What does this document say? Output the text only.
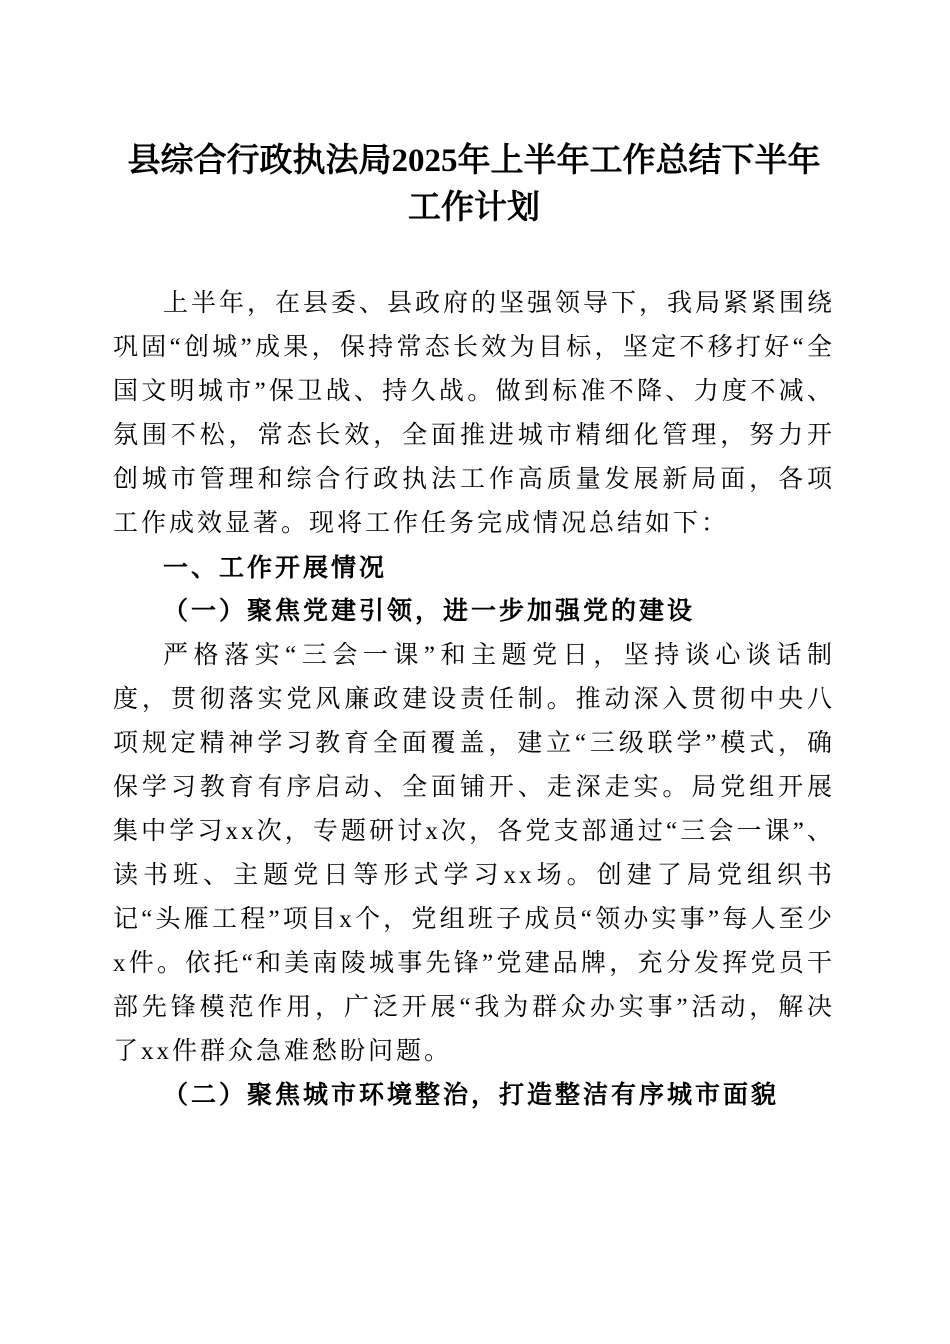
县综合行政执法局2025年上半年工作总结下半年工作计划

上半年，在县委、县政府的坚强领导下，我局紧紧围绕巩固“创城”成果，保持常态长效为目标，坚定不移打好“全国文明城市”保卫战、持久战。做到标准不降、力度不减、氛围不松，常态长效，全面推进城市精细化管理，努力开创城市管理和综合行政执法工作高质量发展新局面，各项工作成效显著。现将工作任务完成情况总结如下：

一、工作开展情况
（一）聚焦党建引领，进一步加强党的建设

严格落实“三会一课”和主题党日，坚持谈心谈话制度，贯彻落实党风廉政建设责任制。推动深入贯彻中央八项规定精神学习教育全面覆盖，建立“三级联学”模式，确保学习教育有序启动、全面铺开、走深走实。局党组开展集中学习xx次，专题研讨x次，各党支部通过“三会一课”、读书班、主题党日等形式学习xx场。创建了局党组织书记“头雁工程”项目x个，党组班子成员“领办实事”每人至少x件。依托“和美南陵城事先锋”党建品牌，充分发挥党员干部先锋模范作用，广泛开展“我为群众办实事”活动，解决了xx件群众急难愁盼问题。

（二）聚焦城市环境整治，打造整洁有序城市面貌
